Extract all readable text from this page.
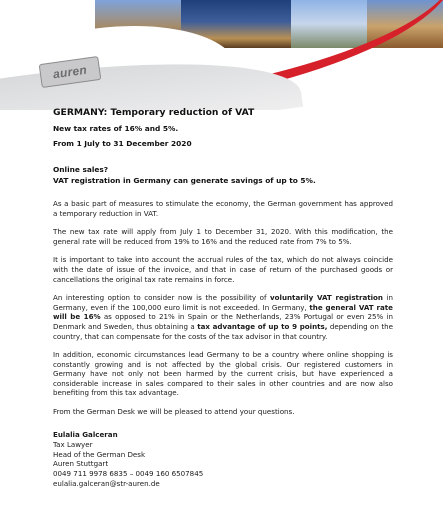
auren
GERMANY: Temporary reduction of VAT
New tax rates of 16% and 5%.
From 1 July to 31 December 2020
Online sales?
VAT registration in Germany can generate savings of up to 5%.

As a basic part of measures to stimulate the economy, the German government has approved a temporary reduction in VAT.

The new tax rate will apply from July 1 to December 31, 2020. With this modification, the general rate will be reduced from 19% to 16% and the reduced rate from 7% to 5%.

It is important to take into account the accrual rules of the tax, which do not always coincide with the date of issue of the invoice, and that in case of return of the purchased goods or cancellations the original tax rate remains in force.

An interesting option to consider now is the possibility of voluntarily VAT registration in Germany, even if the 100,000 euro limit is not exceeded. In Germany, the general VAT rate will be 16% as opposed to 21% in Spain or the Netherlands, 23% Portugal or even 25% in Denmark and Sweden, thus obtaining a tax advantage of up to 9 points, depending on the country, that can compensate for the costs of the tax advisor in that country.

In addition, economic circumstances lead Germany to be a country where online shopping is constantly growing and is not affected by the global crisis. Our registered customers in Germany have not only not been harmed by the current crisis, but have experienced a considerable increase in sales compared to their sales in other countries and are now also benefiting from this tax advantage.

From the German Desk we will be pleased to attend your questions.

Eulalia Galceran

Tax Lawyer

Head of the German Desk

Auren Stuttgart

0049 711 9978 6835 – 0049 160 6507845

eulalia.galceran@str-auren.de
